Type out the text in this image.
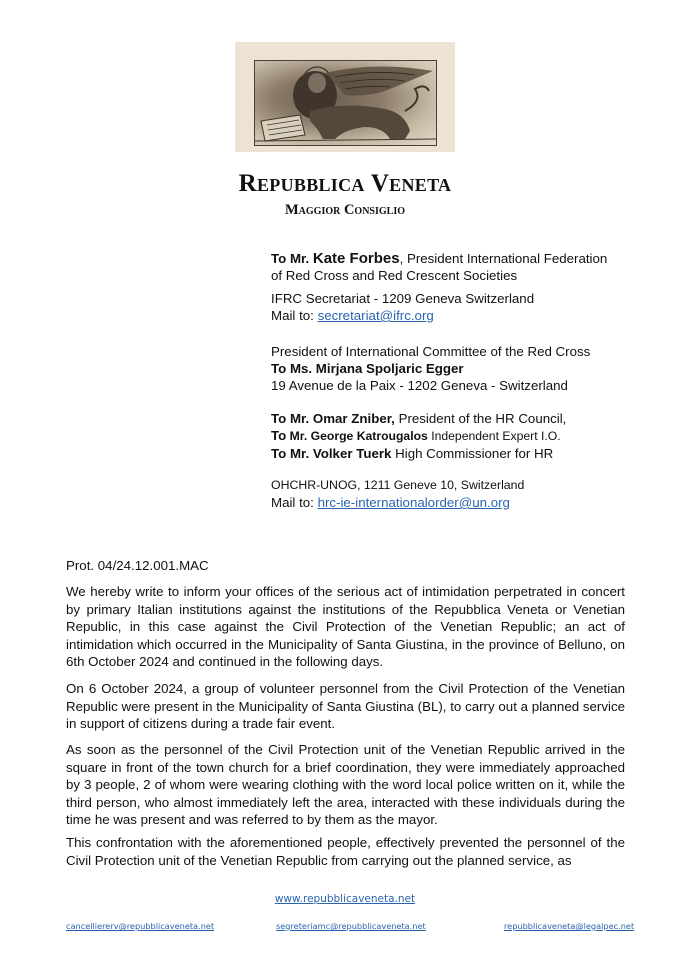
Repubblica Veneta
Maggior Consiglio
To Mr. Kate Forbes, President International Federation
of Red Cross and Red Crescent Societies
IFRC Secretariat - 1209 Geneva Switzerland
Mail to: secretariat@ifrc.org
President of International Committee of the Red Cross
To Ms. Mirjana Spoljaric Egger
19 Avenue de la Paix - 1202 Geneva - Switzerland
To Mr. Omar Zniber, President of the HR Council,
To Mr. George Katrougalos Independent Expert I.O.
To Mr. Volker Tuerk High Commissioner for HR
OHCHR-UNOG, 1211 Geneve 10, Switzerland
Mail to: hrc-ie-internationalorder@un.org

Prot. 04/24.12.001.MAC

We hereby write to inform your offices of the serious act of intimidation perpetrated in concert by primary Italian institutions against the institutions of the Repubblica Veneta or Venetian Republic, in this case against the Civil Protection of the Venetian Republic; an act of intimidation which occurred in the Municipality of Santa Giustina, in the province of Belluno, on 6th October 2024 and continued in the following days.

On 6 October 2024, a group of volunteer personnel from the Civil Protection of the Venetian Republic were present in the Municipality of Santa Giustina (BL), to carry out a planned service in support of citizens during a trade fair event.

As soon as the personnel of the Civil Protection unit of the Venetian Republic arrived in the square in front of the town church for a brief coordination, they were immediately approached by 3 people, 2 of whom were wearing clothing with the word local police written on it, while the third person, who almost immediately left the area, interacted with these individuals during the time he was present and was referred to by them as the mayor.

This confrontation with the aforementioned people, effectively prevented the personnel of the Civil Protection unit of the Venetian Republic from carrying out the planned service, as

www.repubblicaveneta.net
cancelliererv@repubblicaveneta.net	segreteriamc@repubblicaveneta.net	repubblicaveneta@legalpec.net
